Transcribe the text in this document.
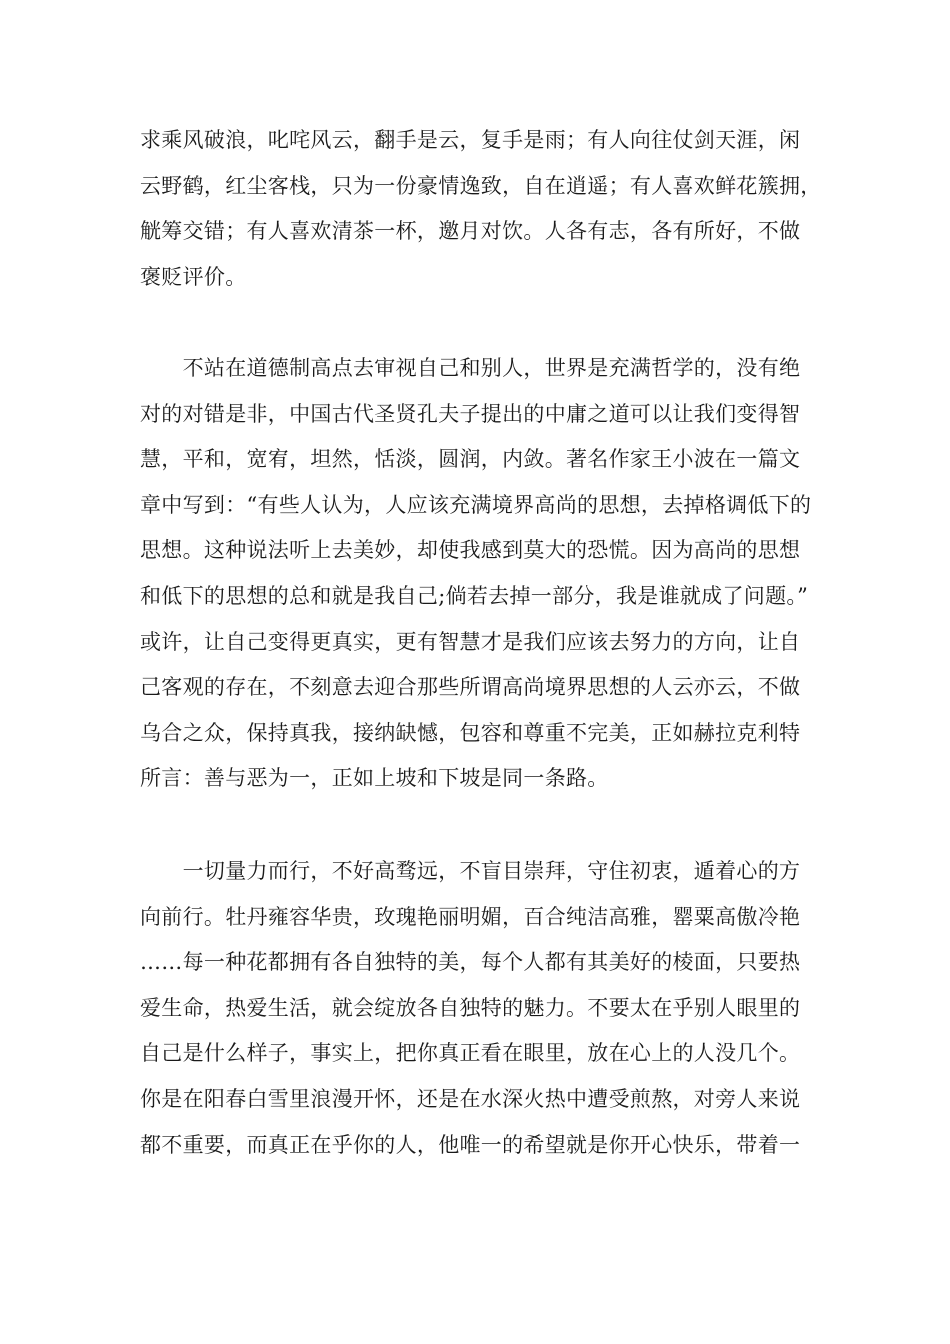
求乘风破浪，叱咤风云，翻手是云，复手是雨；有人向往仗剑天涯，闲
云野鹤，红尘客栈，只为一份豪情逸致，自在逍遥；有人喜欢鲜花簇拥，
觥筹交错；有人喜欢清茶一杯，邀月对饮。人各有志，各有所好，不做
褒贬评价。
　　不站在道德制高点去审视自己和别人，世界是充满哲学的，没有绝
对的对错是非，中国古代圣贤孔夫子提出的中庸之道可以让我们变得智
慧，平和，宽宥，坦然，恬淡，圆润，内敛。著名作家王小波在一篇文
章中写到：“有些人认为，人应该充满境界高尚的思想，去掉格调低下的
思想。这种说法听上去美妙，却使我感到莫大的恐慌。因为高尚的思想
和低下的思想的总和就是我自己;倘若去掉一部分，我是谁就成了问题。”
或许，让自己变得更真实，更有智慧才是我们应该去努力的方向，让自
己客观的存在，不刻意去迎合那些所谓高尚境界思想的人云亦云，不做
乌合之众，保持真我，接纳缺憾，包容和尊重不完美，正如赫拉克利特
所言：善与恶为一，正如上坡和下坡是同一条路。
　　一切量力而行，不好高骛远，不盲目崇拜，守住初衷，遁着心的方
向前行。牡丹雍容华贵，玫瑰艳丽明媚，百合纯洁高雅，罂粟高傲冷艳
……每一种花都拥有各自独特的美，每个人都有其美好的棱面，只要热
爱生命，热爱生活，就会绽放各自独特的魅力。不要太在乎别人眼里的
自己是什么样子，事实上，把你真正看在眼里，放在心上的人没几个。
你是在阳春白雪里浪漫开怀，还是在水深火热中遭受煎熬，对旁人来说
都不重要，而真正在乎你的人，他唯一的希望就是你开心快乐，带着一
